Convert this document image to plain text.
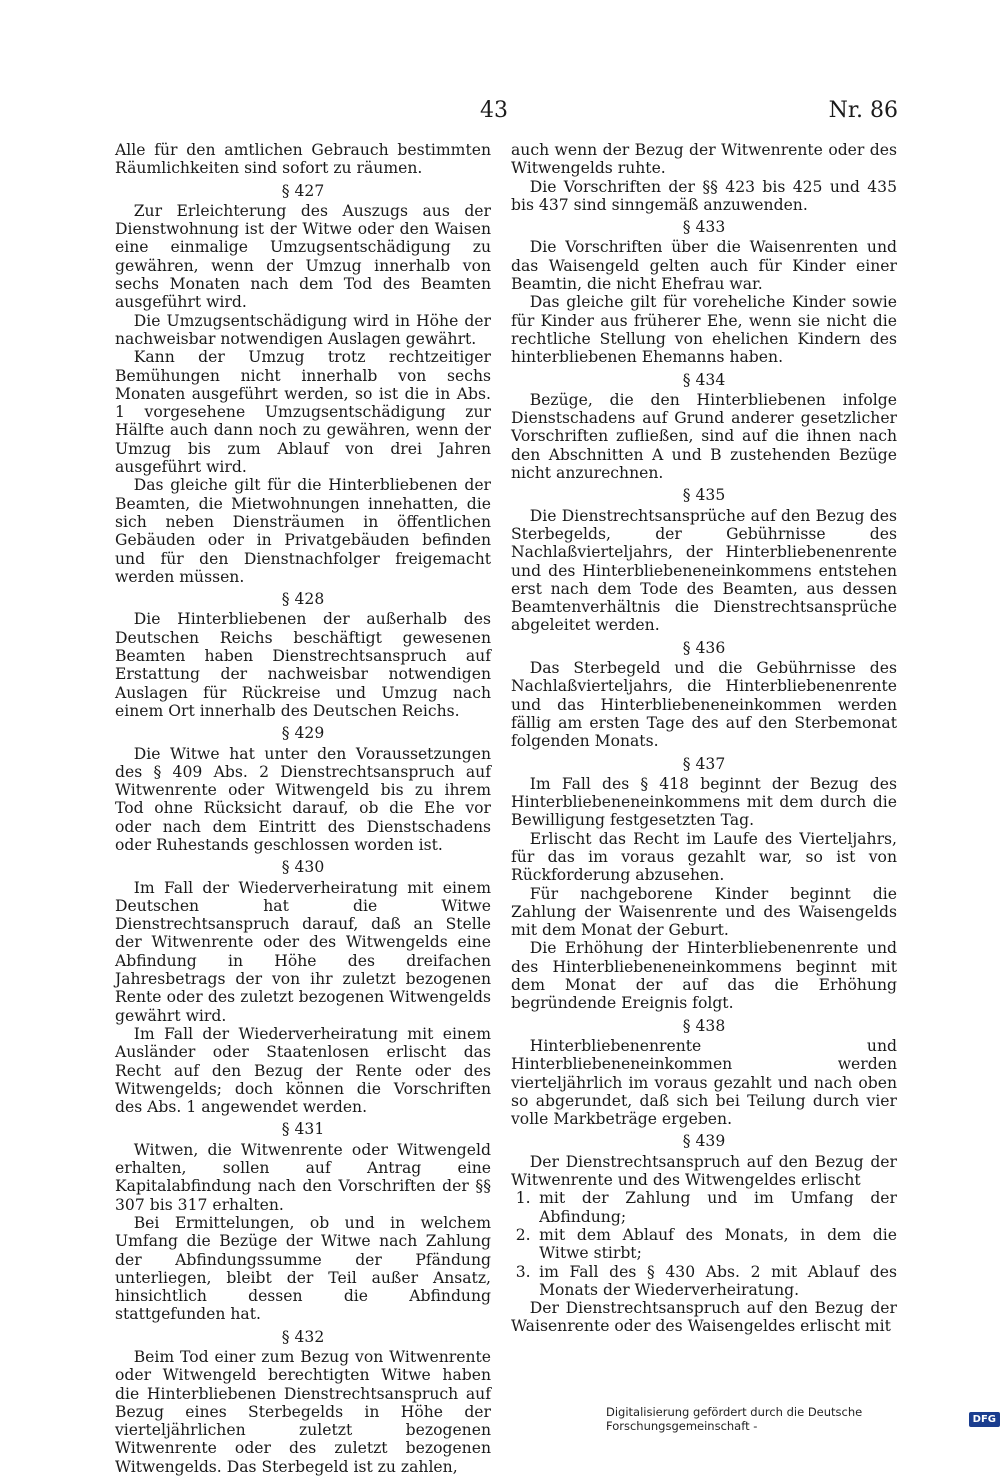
43	Nr. 86

Alle für den amtlichen Gebrauch bestimmten Räumlichkeiten sind sofort zu räumen.

§ 427

Zur Erleichterung des Auszugs aus der Dienstwohnung ist der Witwe oder den Waisen eine einmalige Umzugsentschädigung zu gewähren, wenn der Umzug innerhalb von sechs Monaten nach dem Tod des Beamten ausgeführt wird.

Die Umzugsentschädigung wird in Höhe der nachweisbar notwendigen Auslagen gewährt.

Kann der Umzug trotz rechtzeitiger Bemühungen nicht innerhalb von sechs Monaten ausgeführt werden, so ist die in Abs. 1 vorgesehene Umzugsentschädigung zur Hälfte auch dann noch zu gewähren, wenn der Umzug bis zum Ablauf von drei Jahren ausgeführt wird.

Das gleiche gilt für die Hinterbliebenen der Beamten, die Mietwohnungen innehatten, die sich neben Diensträumen in öffentlichen Gebäuden oder in Privatgebäuden befinden und für den Dienstnachfolger freigemacht werden müssen.

§ 428

Die Hinterbliebenen der außerhalb des Deutschen Reichs beschäftigt gewesenen Beamten haben Dienstrechtsanspruch auf Erstattung der nachweisbar notwendigen Auslagen für Rückreise und Umzug nach einem Ort innerhalb des Deutschen Reichs.

§ 429

Die Witwe hat unter den Voraussetzungen des § 409 Abs. 2 Dienstrechtsanspruch auf Witwenrente oder Witwengeld bis zu ihrem Tod ohne Rücksicht darauf, ob die Ehe vor oder nach dem Eintritt des Dienstschadens oder Ruhestands geschlossen worden ist.

§ 430

Im Fall der Wiederverheiratung mit einem Deutschen hat die Witwe Dienstrechtsanspruch darauf, daß an Stelle der Witwenrente oder des Witwengelds eine Abfindung in Höhe des dreifachen Jahresbetrags der von ihr zuletzt bezogenen Rente oder des zuletzt bezogenen Witwengelds gewährt wird.

Im Fall der Wiederverheiratung mit einem Ausländer oder Staatenlosen erlischt das Recht auf den Bezug der Rente oder des Witwengelds; doch können die Vorschriften des Abs. 1 angewendet werden.

§ 431

Witwen, die Witwenrente oder Witwengeld erhalten, sollen auf Antrag eine Kapitalabfindung nach den Vorschriften der §§ 307 bis 317 erhalten.

Bei Ermittelungen, ob und in welchem Umfang die Bezüge der Witwe nach Zahlung der Abfindungssumme der Pfändung unterliegen, bleibt der Teil außer Ansatz, hinsichtlich dessen die Abfindung stattgefunden hat.

§ 432

Beim Tod einer zum Bezug von Witwenrente oder Witwengeld berechtigten Witwe haben die Hinterbliebenen Dienstrechtsanspruch auf Bezug eines Sterbegelds in Höhe der vierteljährlichen zuletzt bezogenen Witwenrente oder des zuletzt bezogenen Witwengelds. Das Sterbegeld ist zu zahlen,

auch wenn der Bezug der Witwenrente oder des Witwengelds ruhte.

Die Vorschriften der §§ 423 bis 425 und 435 bis 437 sind sinngemäß anzuwenden.

§ 433

Die Vorschriften über die Waisenrenten und das Waisengeld gelten auch für Kinder einer Beamtin, die nicht Ehefrau war.

Das gleiche gilt für voreheliche Kinder sowie für Kinder aus früherer Ehe, wenn sie nicht die rechtliche Stellung von ehelichen Kindern des hinterbliebenen Ehemanns haben.

§ 434

Bezüge, die den Hinterbliebenen infolge Dienstschadens auf Grund anderer gesetzlicher Vorschriften zufließen, sind auf die ihnen nach den Abschnitten A und B zustehenden Bezüge nicht anzurechnen.

§ 435

Die Dienstrechtsansprüche auf den Bezug des Sterbegelds, der Gebührnisse des Nachlaßvierteljahrs, der Hinterbliebenenrente und des Hinterbliebeneneinkommens entstehen erst nach dem Tode des Beamten, aus dessen Beamtenverhältnis die Dienstrechtsansprüche abgeleitet werden.

§ 436

Das Sterbegeld und die Gebührnisse des Nachlaßvierteljahrs, die Hinterbliebenenrente und das Hinterbliebeneneinkommen werden fällig am ersten Tage des auf den Sterbemonat folgenden Monats.

§ 437

Im Fall des § 418 beginnt der Bezug des Hinterbliebeneneinkommens mit dem durch die Bewilligung festgesetzten Tag.

Erlischt das Recht im Laufe des Vierteljahrs, für das im voraus gezahlt war, so ist von Rückforderung abzusehen.

Für nachgeborene Kinder beginnt die Zahlung der Waisenrente und des Waisengelds mit dem Monat der Geburt.

Die Erhöhung der Hinterbliebenenrente und des Hinterbliebeneneinkommens beginnt mit dem Monat der auf das die Erhöhung begründende Ereignis folgt.

§ 438

Hinterbliebenenrente und Hinterbliebeneneinkommen werden vierteljährlich im voraus gezahlt und nach oben so abgerundet, daß sich bei Teilung durch vier volle Markbeträge ergeben.

§ 439

Der Dienstrechtsanspruch auf den Bezug der Witwenrente und des Witwengeldes erlischt

1. mit der Zahlung und im Umfang der Abfindung;
2. mit dem Ablauf des Monats, in dem die Witwe stirbt;
3. im Fall des § 430 Abs. 2 mit Ablauf des Monats der Wiederverheiratung.

Der Dienstrechtsanspruch auf den Bezug der Waisenrente oder des Waisengeldes erlischt mit

Digitalisierung gefördert durch die Deutsche Forschungsgemeinschaft -	DFG
